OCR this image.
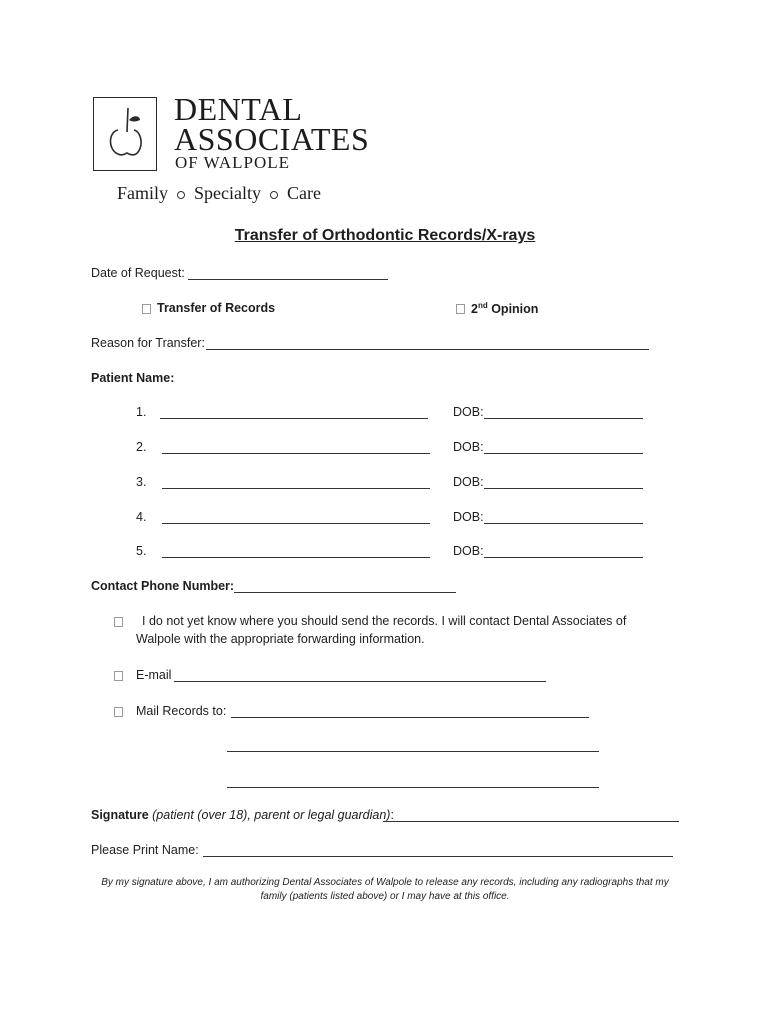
DENTAL
ASSOCIATES
OF WALPOLE
Family Specialty Care
Transfer of Orthodontic Records/X-rays
Date of Request:
Transfer of Records	2nd Opinion
Reason for Transfer:
Patient Name:
1.	DOB:
2.	DOB:
3.	DOB:
4.	DOB:
5.	DOB:
Contact Phone Number:
I do not yet know where you should send the records. I will contact Dental Associates of
Walpole with the appropriate forwarding information.
E-mail
Mail Records to:
Signature (patient (over 18), parent or legal guardian):
Please Print Name:
By my signature above, I am authorizing Dental Associates of Walpole to release any records, including any radiographs that my
family (patients listed above) or I may have at this office.
